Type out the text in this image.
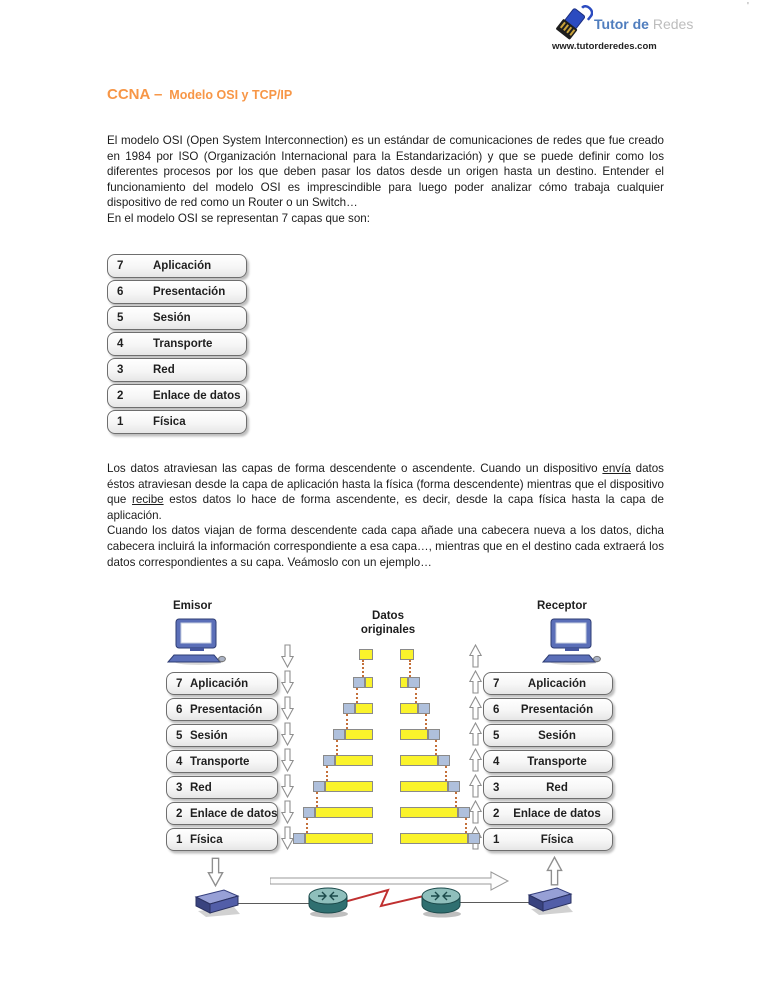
Tutor de Redes
www.tutorderedes.com
'
CCNA – Modelo OSI y TCP/IP
El modelo OSI (Open System Interconnection) es un estándar de comunicaciones de redes que fue creado en 1984 por ISO (Organización Internacional para la Estandarización) y que se puede definir como los diferentes procesos por los que deben pasar los datos desde un origen hasta un destino. Entender el funcionamiento del modelo OSI es imprescindible para luego poder analizar cómo trabaja cualquier dispositivo de red como un Router o un Switch…
En el modelo OSI se representan 7 capas que son:
Los datos atraviesan las capas de forma descendente o ascendente. Cuando un dispositivo envía datos éstos atraviesan desde la capa de aplicación hasta la física (forma descendente) mientras que el dispositivo que recibe estos datos lo hace de forma ascendente, es decir, desde la capa física hasta la capa de aplicación.
Cuando los datos viajan de forma descendente cada capa añade una cabecera nueva a los datos, dicha cabecera incluirá la información correspondiente a esa capa…, mientras que en el destino cada extraerá los datos correspondientes a su capa. Veámoslo con un ejemplo…
Emisor	Receptor
Datos
originales
7	Aplicación
6	Presentación
5	Sesión
4	Transporte
3	Red
2	Enlace de datos
1	Física
7 Aplicación
6 Presentación
5 Sesión
4 Transporte
3 Red
2 Enlace de datos
1 Física
7	Aplicación
6	Presentación
5	Sesión
4	Transporte
3	Red
2	Enlace de datos
1	Física
